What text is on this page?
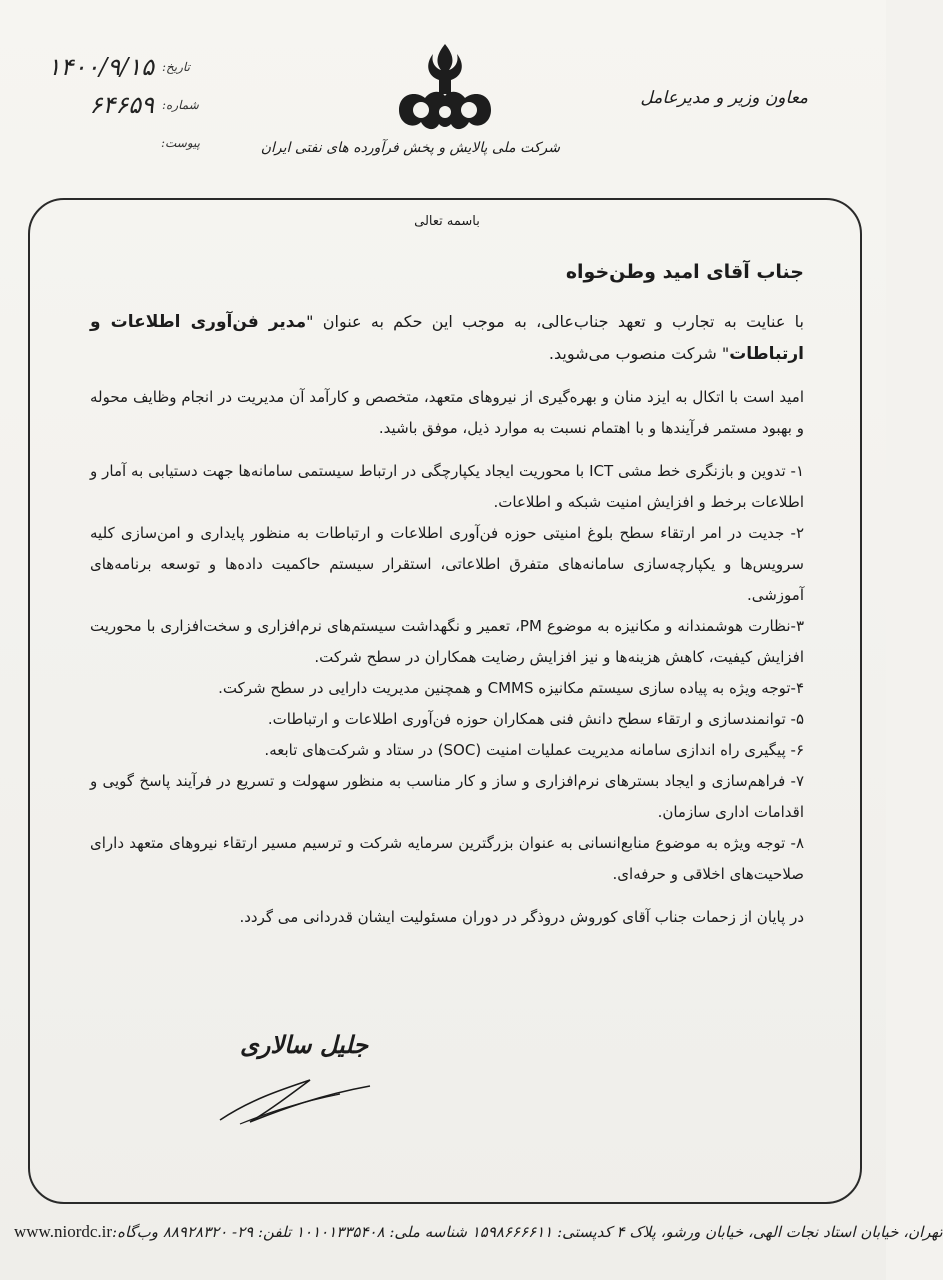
تاریخ:
۱۴۰۰/۹/۱۵
شماره:
۶۴۶۵۹
پیوست:	شرکت ملی پالایش و پخش فرآورده های نفتی ایران
معاون وزیر و مدیرعامل
باسمه تعالی
جناب آقای امید وطن‌خواه

با عنایت به تجارب و تعهد جناب‌عالی، به موجب این حکم به عنوان "مدیر فن‌آوری اطلاعات و ارتباطات" شرکت منصوب می‌شوید.

امید است با اتکال به ایزد منان و بهره‌گیری از نیروهای متعهد، متخصص و کارآمد آن مدیریت در انجام وظایف محوله و بهبود مستمر فرآیندها و با اهتمام نسبت به موارد ذیل، موفق باشید.

۱- تدوین و بازنگری خط مشی ICT با محوریت ایجاد یکپارچگی در ارتباط سیستمی سامانه‌ها جهت دستیابی به آمار و اطلاعات برخط و افزایش امنیت شبکه و اطلاعات.

۲- جدیت در امر ارتقاء سطح بلوغ امنیتی حوزه فن‌آوری اطلاعات و ارتباطات به منظور پایداری و امن‌سازی کلیه سرویس‌ها و یکپارچه‌سازی سامانه‌های متفرق اطلاعاتی، استقرار سیستم حاکمیت داده‌ها و توسعه برنامه‌های آموزشی.

۳-نظارت هوشمندانه و مکانیزه به موضوع PM، تعمیر و نگهداشت سیستم‌های نرم‌افزاری و سخت‌افزاری با محوریت افزایش کیفیت، کاهش هزینه‌ها و نیز افزایش رضایت همکاران در سطح شرکت.

۴-توجه ویژه به پیاده سازی سیستم مکانیزه CMMS و همچنین مدیریت دارایی در سطح شرکت.

۵- توانمندسازی و ارتقاء سطح دانش فنی همکاران حوزه فن‌آوری اطلاعات و ارتباطات.

۶- پیگیری راه اندازی سامانه مدیریت عملیات امنیت (SOC) در ستاد و شرکت‌های تابعه.

۷- فراهم‌سازی و ایجاد بسترهای نرم‌افزاری و ساز و کار مناسب به منظور سهولت و تسریع در فرآیند پاسخ گویی و اقدامات اداری سازمان.

۸- توجه ویژه به موضوع منابع‌انسانی به عنوان بزرگترین سرمایه شرکت و ترسیم مسیر ارتقاء نیروهای متعهد دارای صلاحیت‌های اخلاقی و حرفه‌ای.

در پایان از زحمات جناب آقای کوروش دروذگر در دوران مسئولیت ایشان قدردانی می گردد.

جلیل سالاری
www.niordc.ir تهران، خیابان استاد نجات الهی، خیابان ورشو، پلاک ۴ کدپستی: ۱۵۹۸۶۶۶۶۱۱ شناسه ملی: ۱۰۱۰۱۳۳۵۴۰۸ تلفن: ۲۹- ۸۸۹۲۸۳۲۰ وب‌گاه:
